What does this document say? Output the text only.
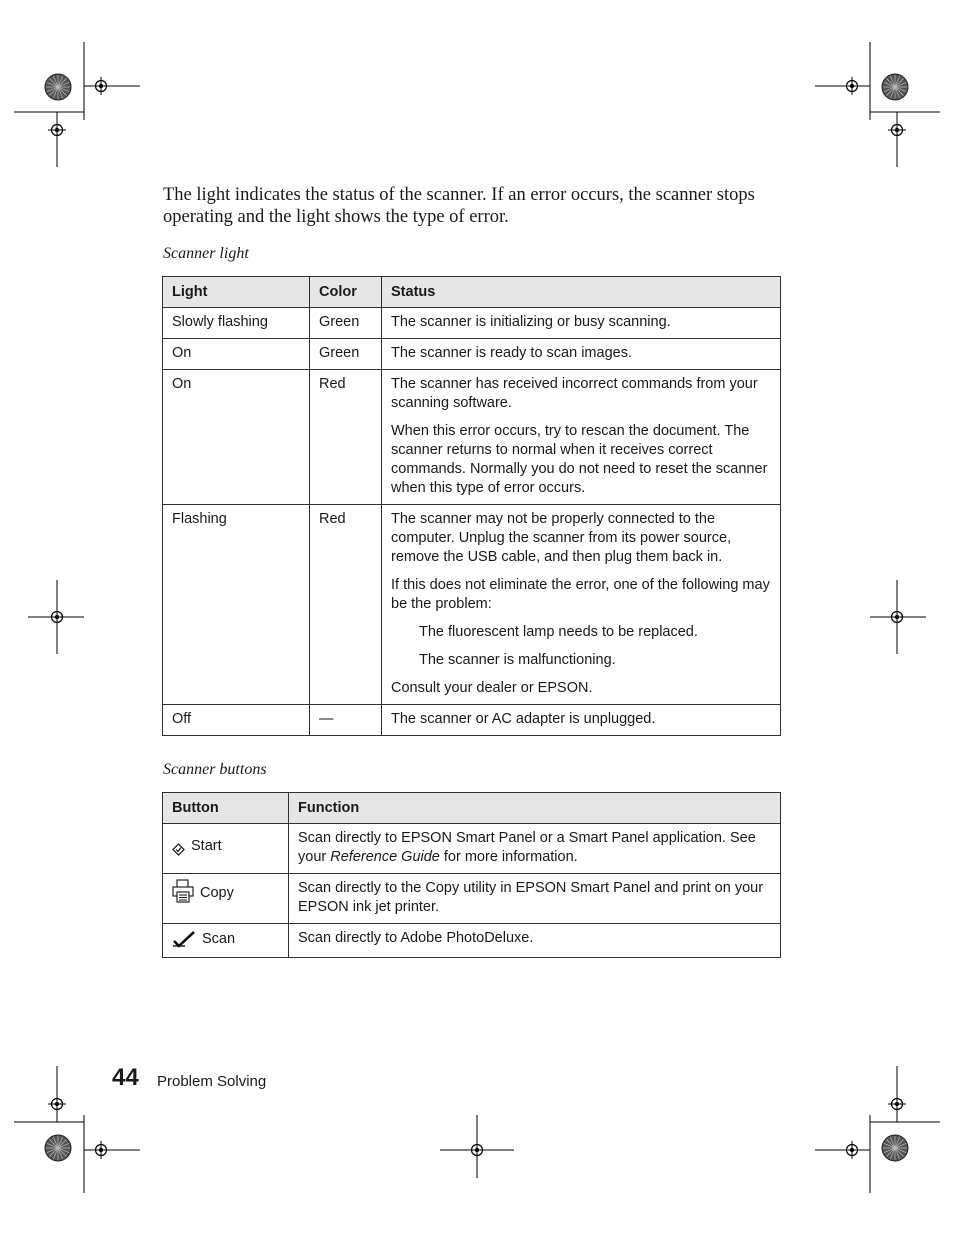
The light indicates the status of the scanner. If an error occurs, the scanner stops operating and the light shows the type of error.

Scanner light
Light	Color	Status
Slowly flashing	Green	The scanner is initializing or busy scanning.

On	Green	The scanner is ready to scan images.

On	Red	The scanner has received incorrect commands from your scanning software.

When this error occurs, try to rescan the document. The scanner returns to normal when it receives correct commands. Normally you do not need to reset the scanner when this type of error occurs.

Flashing	Red	The scanner may not be properly connected to the computer. Unplug the scanner from its power source, remove the USB cable, and then plug them back in.

If this does not eliminate the error, one of the following may be the problem:

The fluorescent lamp needs to be replaced.

The scanner is malfunctioning.

Consult your dealer or EPSON.

Off	—	The scanner or AC adapter is unplugged.

Scanner buttons
Button	Function

Start	Scan directly to EPSON Smart Panel or a Smart Panel application. See your Reference Guide for more information.

Copy	Scan directly to the Copy utility in EPSON Smart Panel and print on your EPSON ink jet printer.

Scan	Scan directly to Adobe PhotoDeluxe.
44 Problem Solving
